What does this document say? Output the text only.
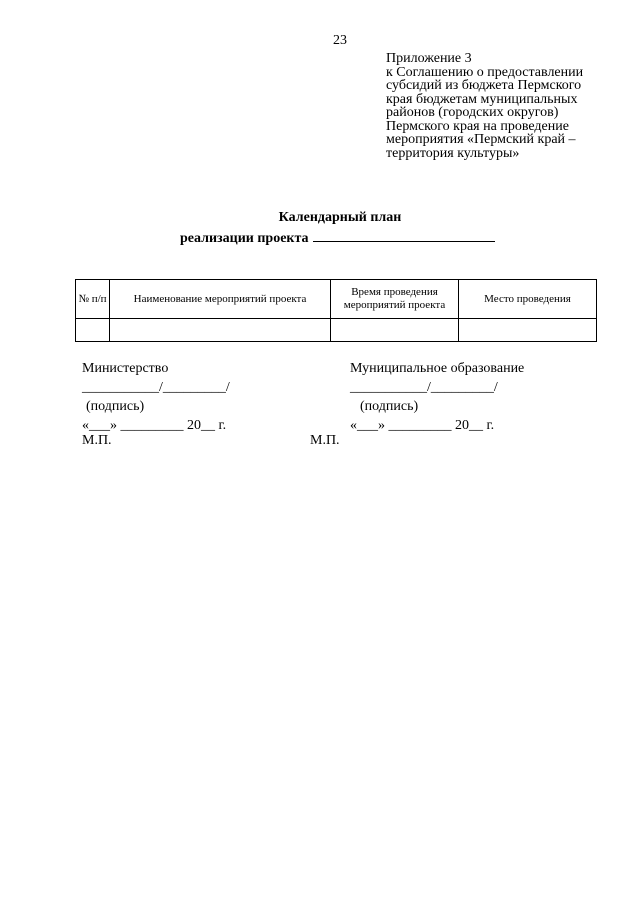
23
Приложение 3
к Соглашению о предоставлении
субсидий из бюджета Пермского
края бюджетам муниципальных
районов (городских округов)
Пермского края на проведение
мероприятия «Пермский край –
территория культуры»
Календарный план
реализации проекта
№ п/п	Наименование мероприятий проекта	Время проведения мероприятий проекта	Место проведения

Министерство
___________/_________/
(подпись)
«___» _________ 20__ г.
М.П.
Муниципальное образование
___________/_________/
(подпись)
«___» _________ 20__ г.
М.П.
